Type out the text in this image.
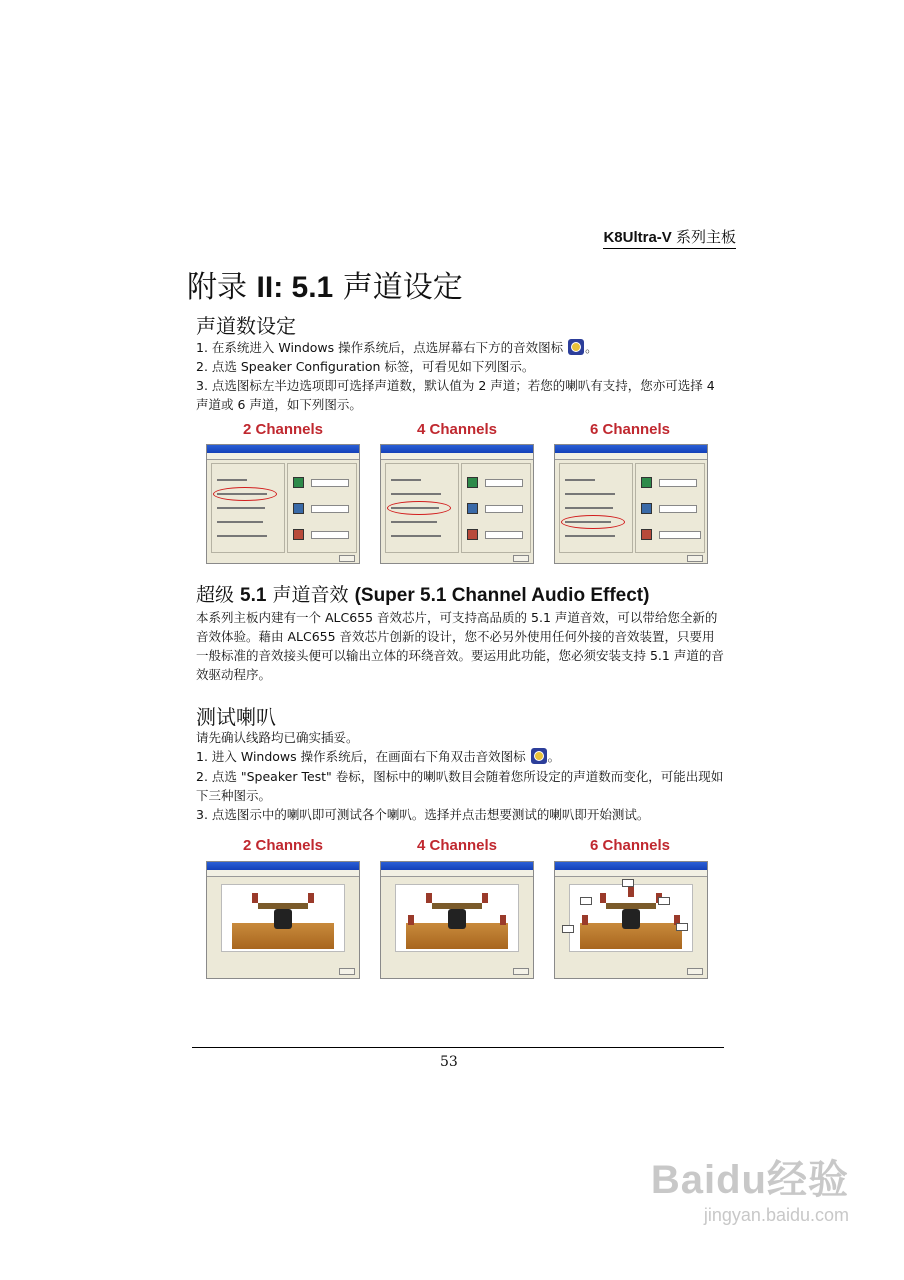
K8Ultra-V 系列主板
附录 II: 5.1 声道设定
声道数设定
1. 在系统进入 Windows 操作系统后，点选屏幕右下方的音效图标 。
2. 点选 Speaker Configuration 标签，可看见如下列图示。
3. 点选图标左半边选项即可选择声道数，默认值为 2 声道；若您的喇叭有支持，您亦可选择 4 声道或 6 声道，如下列图示。
2 Channels	4 Channels	6 Channels
超级 5.1 声道音效 (Super 5.1 Channel Audio Effect)
本系列主板内建有一个 ALC655 音效芯片，可支持高品质的 5.1 声道音效，可以带给您全新的音效体验。藉由 ALC655 音效芯片创新的设计，您不必另外使用任何外接的音效装置，只要用一般标准的音效接头便可以输出立体的环绕音效。要运用此功能，您必须安装支持 5.1 声道的音效驱动程序。
测试喇叭
请先确认线路均已确实插妥。
1. 进入 Windows 操作系统后，在画面右下角双击音效图标 。
2. 点选 "Speaker Test" 卷标，图标中的喇叭数目会随着您所设定的声道数而变化，可能出现如下三种图示。
3. 点选图示中的喇叭即可测试各个喇叭。选择并点击想要测试的喇叭即开始测试。
2 Channels	4 Channels	6 Channels

53
Baidu经验
jingyan.baidu.com
